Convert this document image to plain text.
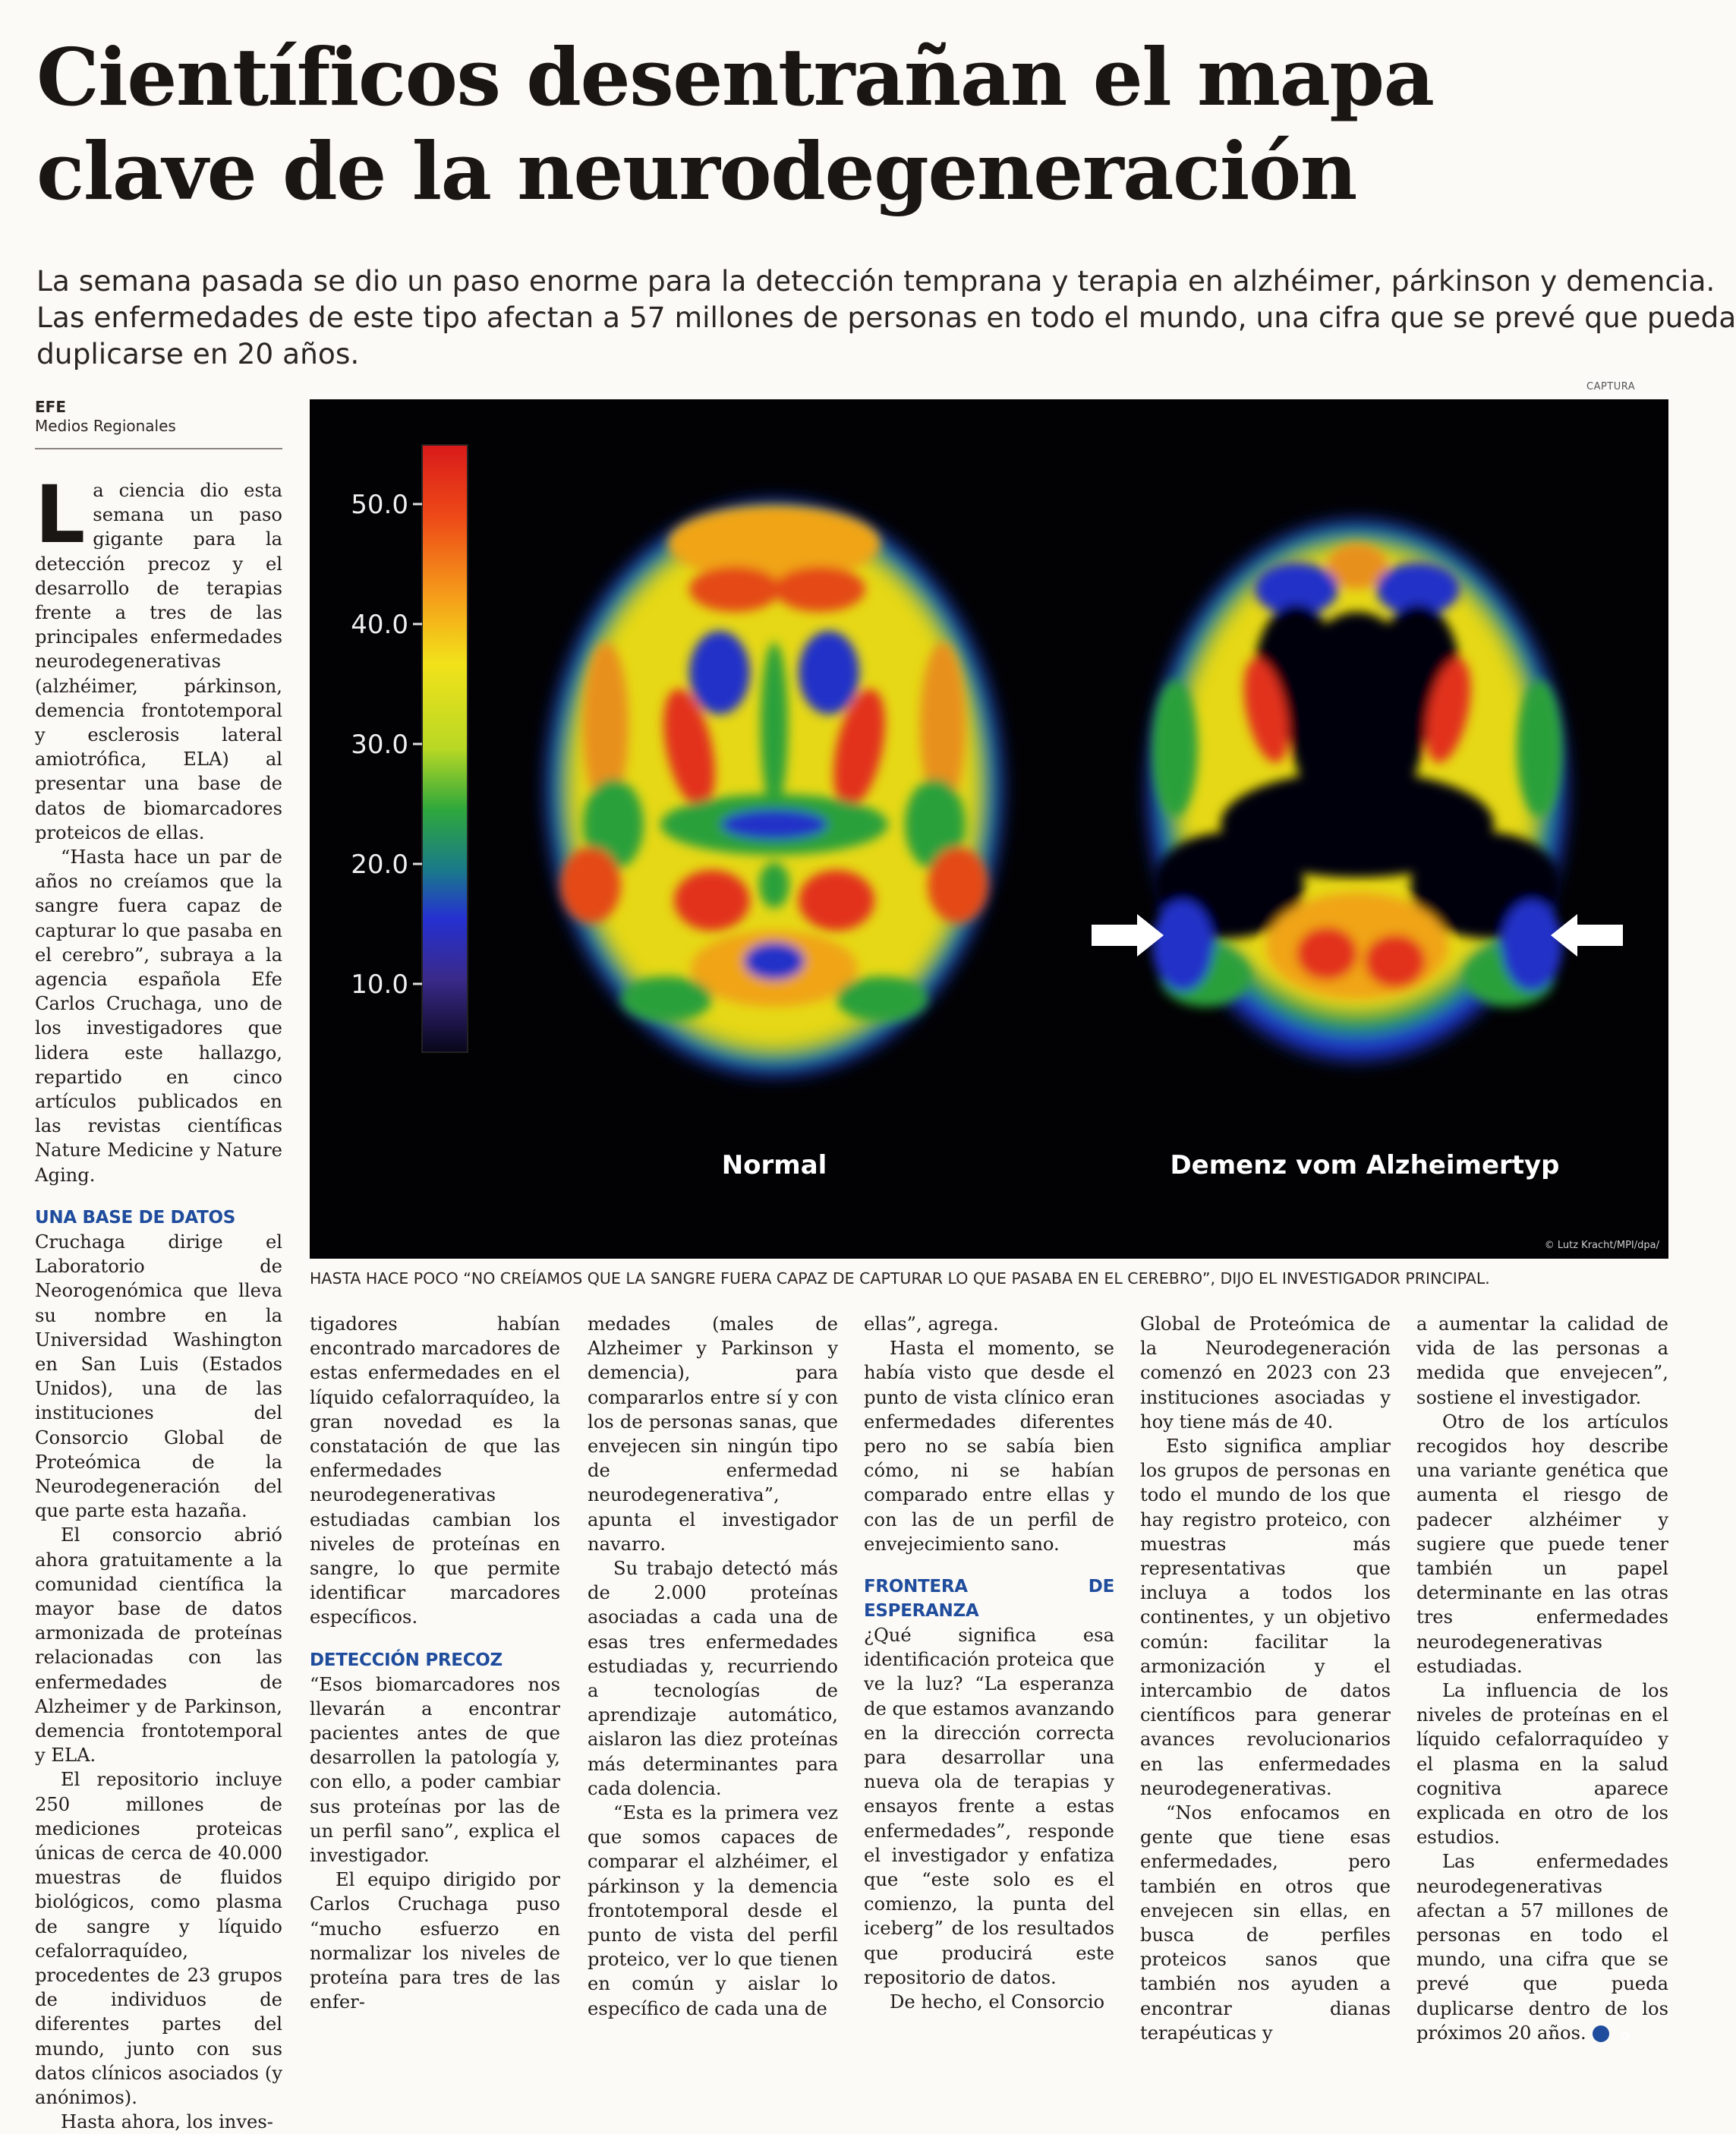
Científicos desentrañan el mapa
clave de la neurodegeneración
La semana pasada se dio un paso enorme para la detección temprana y terapia en alzhéimer, párkinson y demencia.
Las enfermedades de este tipo afectan a 57 millones de personas en todo el mundo, una cifra que se prevé que pueda
duplicarse en 20 años.
EFE
Medios Regionales
CAPTURA
50.0
40.0
30.0
20.0
10.0
Normal	Demenz vom Alzheimertyp
© Lutz Kracht/MPI/dpa/
HASTA HACE POCO “NO CREÍAMOS QUE LA SANGRE FUERA CAPAZ DE CAPTURAR LO QUE PASABA EN EL CEREBRO”, DIJO EL INVESTIGADOR PRINCIPAL.

La ciencia dio esta semana un paso gigante para la detección precoz y el desarrollo de terapias frente a tres de las principales enfermedades neurodegenerativas (alzhéimer, párkinson, demencia frontotemporal y esclerosis lateral amiotrófica, ELA) al presentar una base de datos de biomarcadores proteicos de ellas.

“Hasta hace un par de años no creíamos que la sangre fuera capaz de capturar lo que pasaba en el cerebro”, subraya a la agencia española Efe Carlos Cruchaga, uno de los investigadores que lidera este hallazgo, repartido en cinco artículos publicados en las revistas científicas Nature Medicine y Nature Aging.

UNA BASE DE DATOS

Cruchaga dirige el Laboratorio de Neorogenómica que lleva su nombre en la Universidad Washington en San Luis (Estados Unidos), una de las instituciones del Consorcio Global de Proteómica de la Neurodegeneración del que parte esta hazaña.

El consorcio abrió ahora gratuitamente a la comunidad científica la mayor base de datos armonizada de proteínas relacionadas con las enfermedades de Alzheimer y de Parkinson, demencia frontotemporal y ELA.

El repositorio incluye 250 millones de mediciones proteicas únicas de cerca de 40.000 muestras de fluidos biológicos, como plasma de sangre y líquido cefalorraquídeo, procedentes de 23 grupos de individuos de diferentes partes del mundo, junto con sus datos clínicos asociados (y anónimos).

Hasta ahora, los inves-

tigadores habían encontrado marcadores de estas enfermedades en el líquido cefalorraquídeo, la gran novedad es la constatación de que las enfermedades neurodegenerativas estudiadas cambian los niveles de proteínas en sangre, lo que permite identificar marcadores específicos.

DETECCIÓN PRECOZ

“Esos biomarcadores nos llevarán a encontrar pacientes antes de que desarrollen la patología y, con ello, a poder cambiar sus proteínas por las de un perfil sano”, explica el investigador.

El equipo dirigido por Carlos Cruchaga puso “mucho esfuerzo en normalizar los niveles de proteína para tres de las enfer-

medades (males de Alzheimer y Parkinson y demencia), para compararlos entre sí y con los de personas sanas, que envejecen sin ningún tipo de enfermedad neurodegenerativa”, apunta el investigador navarro.

Su trabajo detectó más de 2.000 proteínas asociadas a cada una de esas tres enfermedades estudiadas y, recurriendo a tecnologías de aprendizaje automático, aislaron las diez proteínas más determinantes para cada dolencia.

“Esta es la primera vez que somos capaces de comparar el alzhéimer, el párkinson y la demencia frontotemporal desde el punto de vista del perfil proteico, ver lo que tienen en común y aislar lo específico de cada una de

ellas”, agrega.

Hasta el momento, se había visto que desde el punto de vista clínico eran enfermedades diferentes pero no se sabía bien cómo, ni se habían comparado entre ellas y con las de un perfil de envejecimiento sano.

FRONTERA DE ESPERANZA

¿Qué significa esa identificación proteica que ve la luz? “La esperanza de que estamos avanzando en la dirección correcta para desarrollar una nueva ola de terapias y ensayos frente a estas enfermedades”, responde el investigador y enfatiza que “este solo es el comienzo, la punta del iceberg” de los resultados que producirá este repositorio de datos.

De hecho, el Consorcio

Global de Proteómica de la Neurodegeneración comenzó en 2023 con 23 instituciones asociadas y hoy tiene más de 40.

Esto significa ampliar los grupos de personas en todo el mundo de los que hay registro proteico, con muestras más representativas que incluya a todos los continentes, y un objetivo común: facilitar la armonización y el intercambio de datos científicos para generar avances revolucionarios en las enfermedades neurodegenerativas.

“Nos enfocamos en gente que tiene esas enfermedades, pero también en otros que envejecen sin ellas, en busca de perfiles proteicos sanos que también nos ayuden a encontrar dianas terapéuticas y

a aumentar la calidad de vida de las personas a medida que envejecen”, sostiene el investigador.

Otro de los artículos recogidos hoy describe una variante genética que aumenta el riesgo de padecer alzhéimer y sugiere que puede tener también un papel determinante en las otras tres enfermedades neurodegenerativas estudiadas.

La influencia de los niveles de proteínas en el líquido cefalorraquídeo y el plasma en la salud cognitiva aparece explicada en otro de los estudios.

Las enfermedades neurodegenerativas afectan a 57 millones de personas en todo el mundo, una cifra que se prevé que pueda duplicarse dentro de los próximos 20 años.✿
